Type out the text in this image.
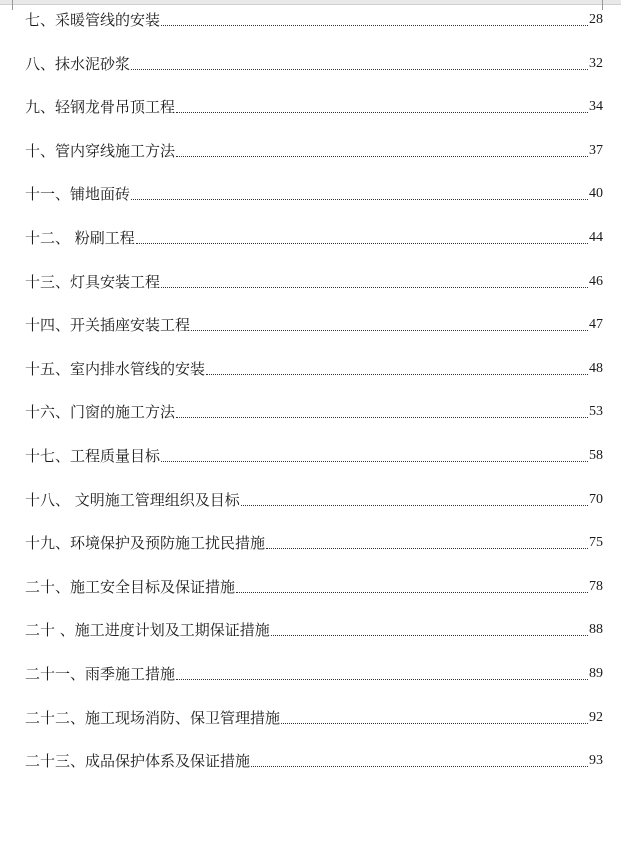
七、采暖管线的安装	28
八、抹水泥砂浆	32
九、轻钢龙骨吊顶工程	34
十、管内穿线施工方法	37
十一、铺地面砖	40
十二、 粉刷工程	44
十三、灯具安装工程	46
十四、开关插座安装工程	47
十五、室内排水管线的安装	48
十六、门窗的施工方法	53
十七、工程质量目标	58
十八、 文明施工管理组织及目标	70
十九、环境保护及预防施工扰民措施	75
二十、施工安全目标及保证措施	78
二十 、施工进度计划及工期保证措施	88
二十一、雨季施工措施	89
二十二、施工现场消防、保卫管理措施	92
二十三、成品保护体系及保证措施	93
